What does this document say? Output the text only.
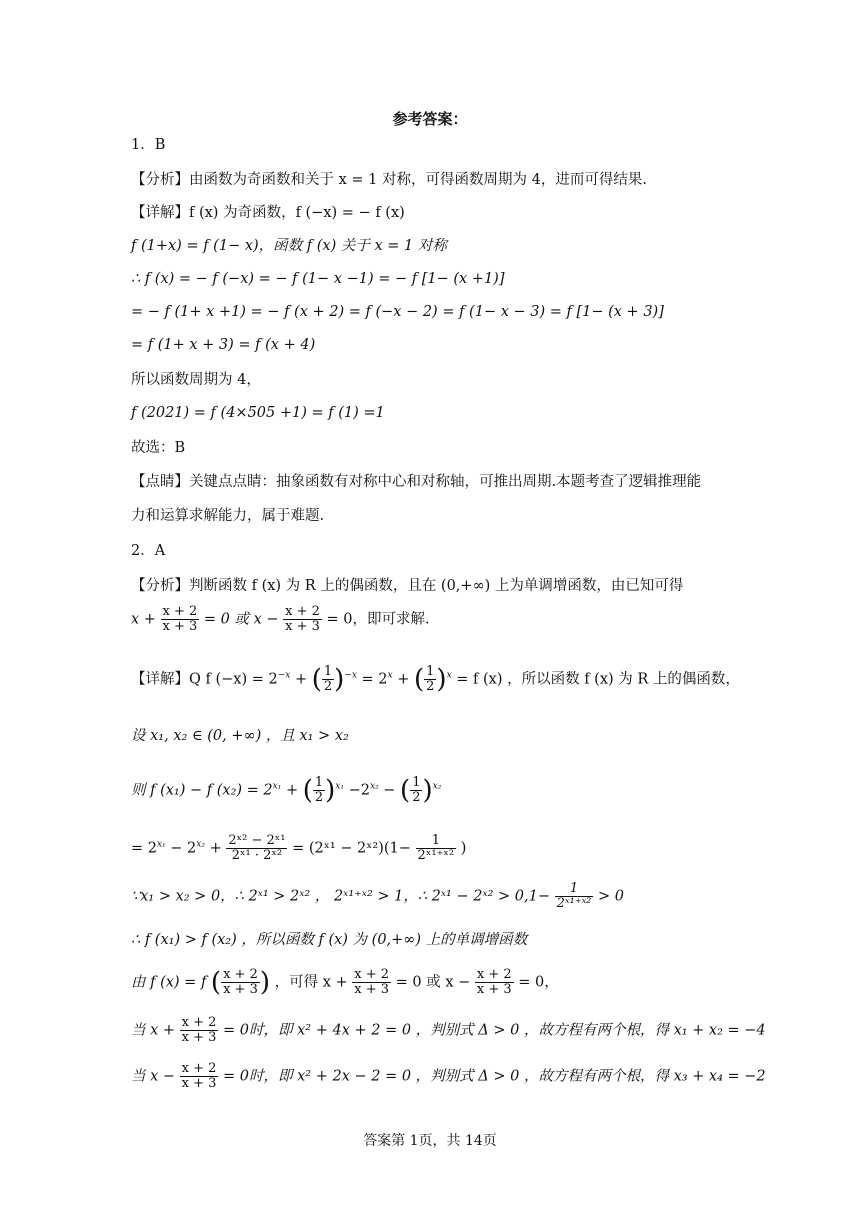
参考答案：
1．B
【分析】由函数为奇函数和关于 x = 1 对称，可得函数周期为 4，进而可得结果.
【详解】f (x) 为奇函数，f (−x) = − f (x)
f (1+x) = f (1− x)，函数 f (x) 关于 x = 1 对称
∴ f (x) = − f (−x) = − f (1− x −1) = − f [1− (x +1)]
= − f (1+ x +1) = − f (x + 2) = f (−x − 2) = f (1− x − 3) = f [1− (x + 3)]
= f (1+ x + 3) = f (x + 4)
所以函数周期为 4，
f (2021) = f (4×505 +1) = f (1) =1
故选：B
【点睛】关键点点睛：抽象函数有对称中心和对称轴，可推出周期.本题考查了逻辑推理能
力和运算求解能力，属于难题.
2．A
【分析】判断函数 f (x) 为 R 上的偶函数，且在 (0,+∞) 上为单调增函数，由已知可得
$x + \frac{x + 2}{x + 3} = 0$ 或 $x - \frac{x + 2}{x + 3} = 0$，即可求解.
【详解】Q f $(-x) = 2^{-x}$ + ( $\frac{1}{2} )^{-x} = 2^x$ + ( $\frac{1}{2} )^x = f$ (x) ，所以函数 f (x) 为 R 上的偶函数，
设 x₁, x₂ ∈ (0, +∞) ，且 x₁ > x₂
则 f (x₁) − f $(x_2) = 2^{x_1}$ + ( $\frac{1}{2} )^{x_1} -2^{x_2}$ − ( $\frac{1}{2} )^{x_2}$
= $2^{x_1} - 2^{x_2} + \frac{\text{2ˣ² − 2ˣ¹}}{\text{2ˣ¹ · 2ˣ²}}$ = (2ˣ¹ − 2ˣ²)(1− $\frac{1}{\text{2ˣ¹⁺ˣ²}}$ )
∵x₁ > x₂ > 0，∴ 2ˣ¹ > 2ˣ² ， 2ˣ¹⁺ˣ² > 1，∴ 2ˣ¹ − 2ˣ² > $0,1- \frac{1}{\text{2ˣ¹⁺ˣ²}} > 0$
∴ f (x₁) > f (x₂) ，所以函数 f (x) 为 (0,+∞) 上的单调增函数
由 f (x) = f ( $\frac{x + 2}{x + 3}$ ) ，可得 $x + \frac{x + 2}{x + 3} = 0$ 或 $x - \frac{x + 2}{x + 3} = 0$，
当 $x + \frac{x + 2}{x + 3} = 0$时，即 x² + 4x + 2 = 0 ，判别式 Δ > 0 ，故方程有两个根，得 x₁ + x₂ = −4
当 $x - \frac{x + 2}{x + 3} = 0$时，即 x² + 2x − 2 = 0 ，判别式 Δ > 0 ，故方程有两个根，得 x₃ + x₄ = −2
答案第 1页，共 14页
